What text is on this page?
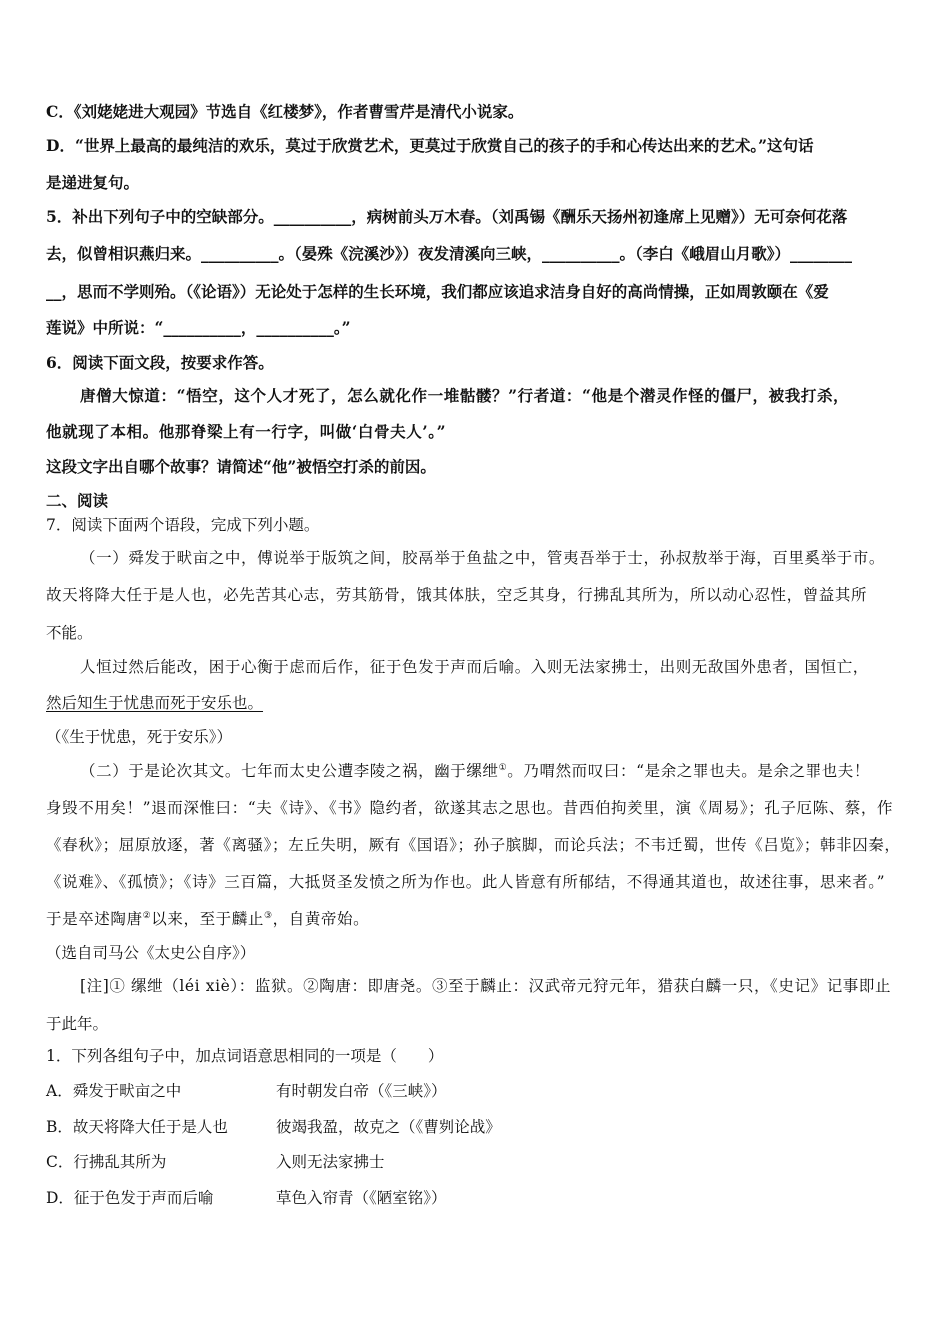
C．《刘姥姥进大观园》节选自《红楼梦》，作者曹雪芹是清代小说家。
D．“世界上最高的最纯洁的欢乐，莫过于欣赏艺术，更莫过于欣赏自己的孩子的手和心传达出来的艺术。”这句话
是递进复句。
5．补出下列句子中的空缺部分。__________，病树前头万木春。（刘禹锡《酬乐天扬州初逢席上见赠》）无可奈何花落
去，似曾相识燕归来。__________。（晏殊《浣溪沙》）夜发清溪向三峡，__________。（李白《峨眉山月歌》）________
__，思而不学则殆。（《论语》）无论处于怎样的生长环境，我们都应该追求洁身自好的高尚情操，正如周敦颐在《爱
莲说》中所说：“__________，__________。”
6．阅读下面文段，按要求作答。
唐僧大惊道：“悟空，这个人才死了，怎么就化作一堆骷髅？”行者道：“他是个潜灵作怪的僵尸，被我打杀，
他就现了本相。他那脊梁上有一行字，叫做‘白骨夫人’。”
这段文字出自哪个故事？请简述“他”被悟空打杀的前因。
二、阅读
7．阅读下面两个语段，完成下列小题。
（一）舜发于畎亩之中，傅说举于版筑之间，胶鬲举于鱼盐之中，管夷吾举于士，孙叔敖举于海，百里奚举于市。
故天将降大任于是人也，必先苦其心志，劳其筋骨，饿其体肤，空乏其身，行拂乱其所为，所以动心忍性，曾益其所
不能。
人恒过然后能改，困于心衡于虑而后作，征于色发于声而后喻。入则无法家拂士，出则无敌国外患者，国恒亡，
然后知生于忧患而死于安乐也。
（《生于忧患，死于安乐》）
（二）于是论次其文。七年而太史公遭李陵之祸，幽于缧绁①。乃喟然而叹曰：“是余之罪也夫。是余之罪也夫！
身毁不用矣！”退而深惟曰：“夫《诗》、《书》隐约者，欲遂其志之思也。昔西伯拘羑里，演《周易》；孔子厄陈、蔡，作
《春秋》；屈原放逐，著《离骚》；左丘失明，厥有《国语》；孙子膑脚，而论兵法；不韦迁蜀，世传《吕览》；韩非囚秦，
《说难》、《孤愤》；《诗》三百篇，大抵贤圣发愤之所为作也。此人皆意有所郁结，不得通其道也，故述往事，思来者。”
于是卒述陶唐②以来，至于麟止③，自黄帝始。
（选自司马公《太史公自序》）
[注]① 缧绁（léi xiè）：监狱。②陶唐：即唐尧。③至于麟止：汉武帝元狩元年，猎获白麟一只，《史记》记事即止
于此年。
1．下列各组句子中，加点词语意思相同的一项是（　　）
A．舜发于畎亩之中	有时朝发白帝（《三峡》）
B．故天将降大任于是人也	彼竭我盈，故克之（《曹刿论战》
C．行拂乱其所为	入则无法家拂士
D．征于色发于声而后喻	草色入帘青（《陋室铭》）
